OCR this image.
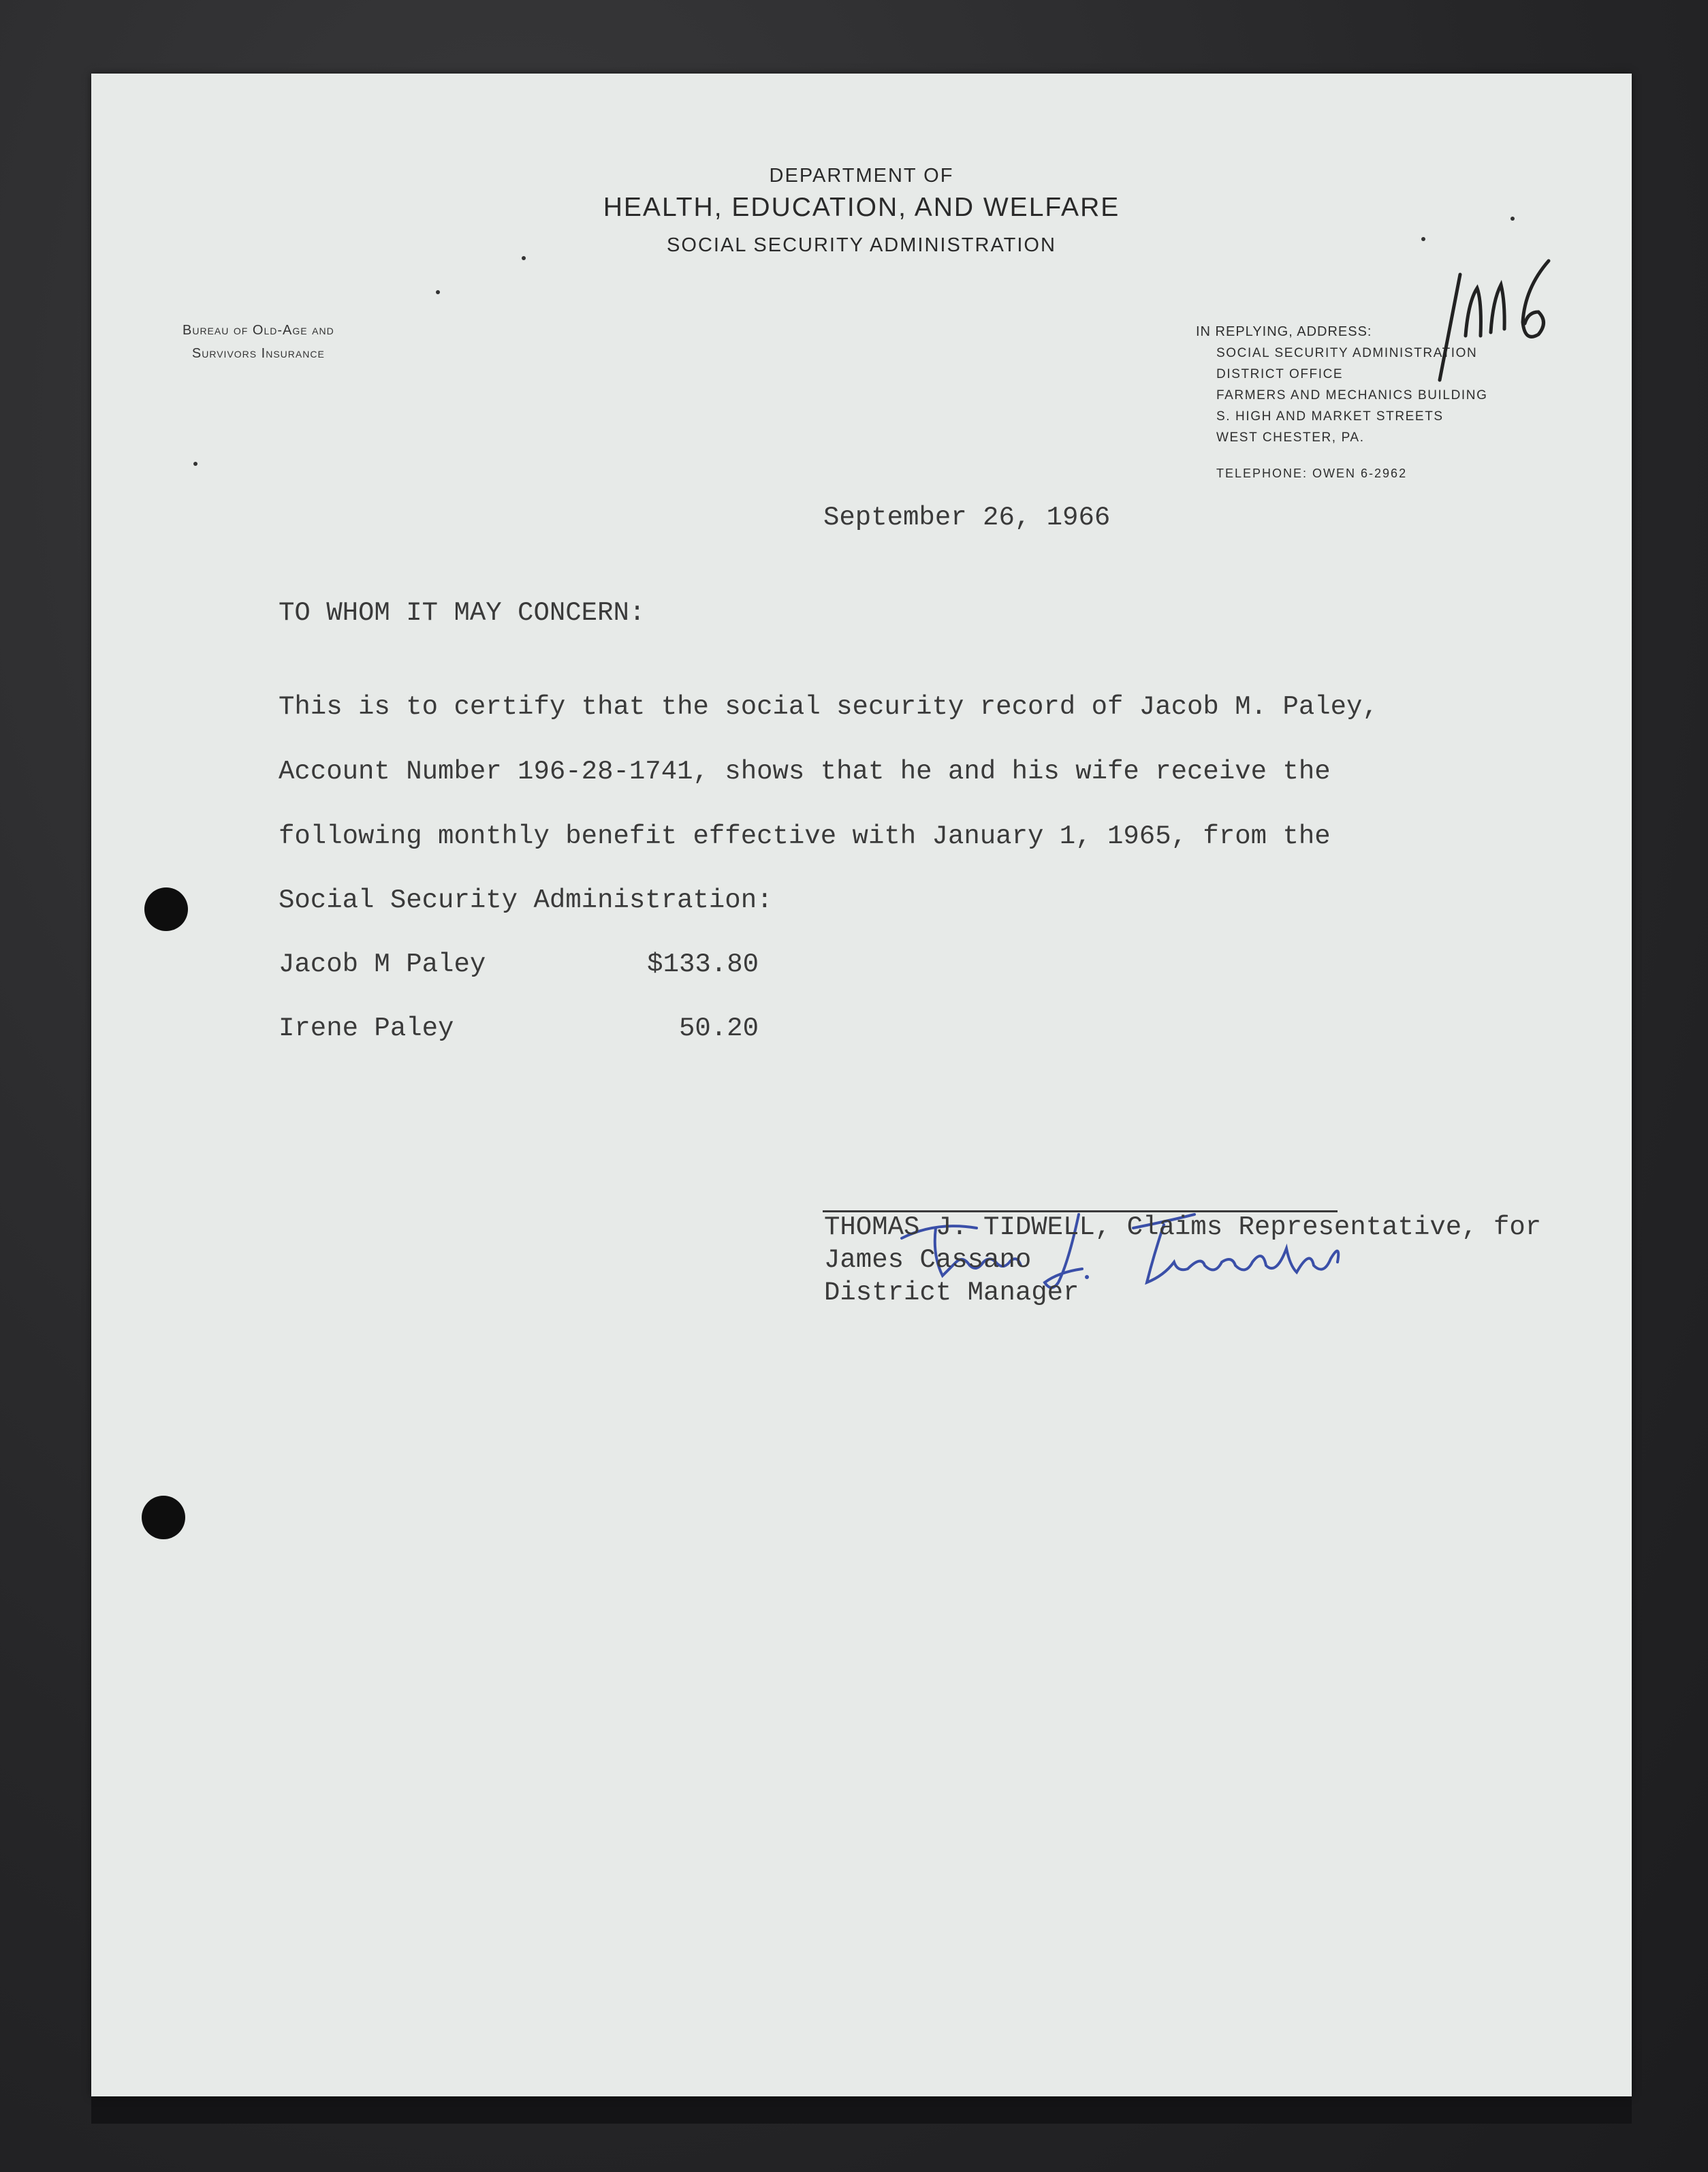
DEPARTMENT OF
HEALTH, EDUCATION, AND WELFARE
SOCIAL SECURITY ADMINISTRATION
Bureau of Old-Age and
Survivors Insurance
IN REPLYING, ADDRESS:
SOCIAL SECURITY ADMINISTRATION
DISTRICT OFFICE
FARMERS AND MECHANICS BUILDING
S. HIGH AND MARKET STREETS
WEST CHESTER, PA.
TELEPHONE: OWEN 6-2962
September 26, 1966
TO WHOM IT MAY CONCERN:
This is to certify that the social security record of Jacob M. Paley,
Account Number 196-28-1741, shows that he and his wife receive the
following monthly benefit effective with January 1, 1965, from the
Social Security Administration:
Jacob M Paley	$133.80
Irene Paley	50.20
THOMAS J. TIDWELL, Claims Representative, for
James Cassano
District Manager
